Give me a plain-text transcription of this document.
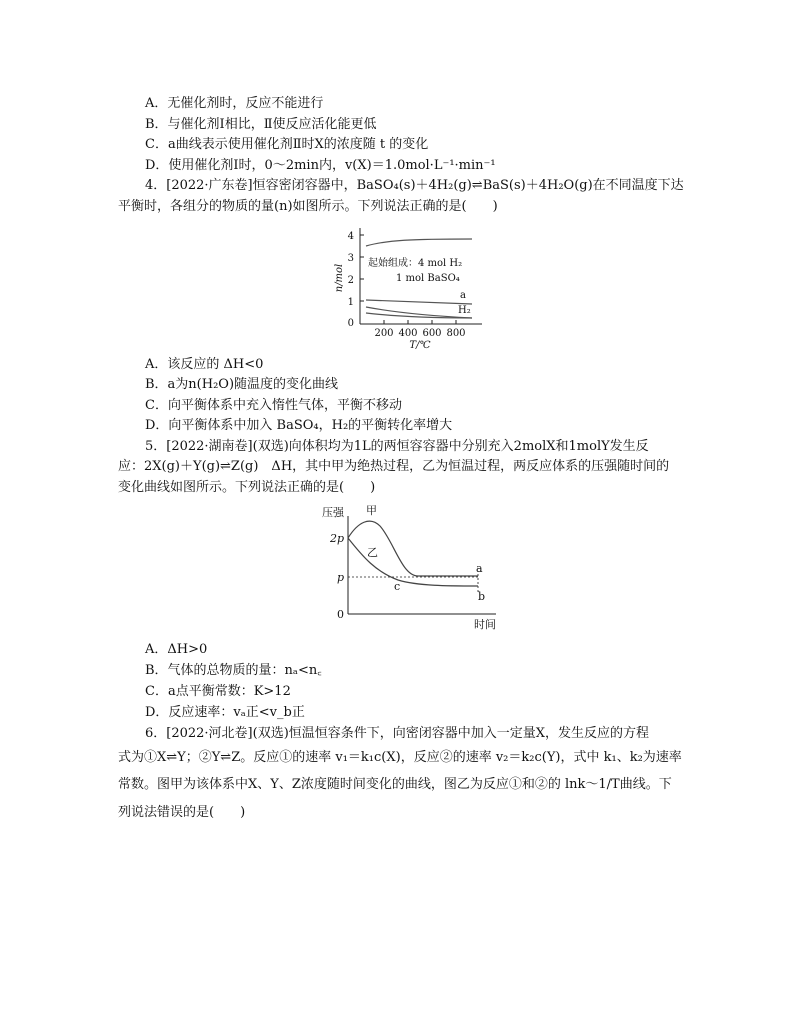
A．无催化剂时，反应不能进行
B．与催化剂Ⅰ相比，Ⅱ使反应活化能更低
C．a曲线表示使用催化剂Ⅱ时X的浓度随 t 的变化
D．使用催化剂Ⅰ时，0～2min内，v(X)＝1.0mol·L⁻¹·min⁻¹
4．[2022·广东卷]恒容密闭容器中，BaSO₄(s)＋4H₂(g)⇌BaS(s)＋4H₂O(g)在不同温度下达
平衡时，各组分的物质的量(n)如图所示。下列说法正确的是(　　)
4
3
2
1
0
200 400 600 800
T/℃
n/mol
起始组成：4 mol H₂
1 mol BaSO₄
a
H₂
A．该反应的 ΔH<0
B．a为n(H₂O)随温度的变化曲线
C．向平衡体系中充入惰性气体，平衡不移动
D．向平衡体系中加入 BaSO₄，H₂的平衡转化率增大
5．[2022·湖南卷](双选)向体积均为1L的两恒容容器中分别充入2molX和1molY发生反
应：2X(g)＋Y(g)⇌Z(g)　ΔH，其中甲为绝热过程，乙为恒温过程，两反应体系的压强随时间的
变化曲线如图所示。下列说法正确的是(　　)
压强 甲
乙
2p
p
0
a
b
c
时间
A．ΔH>0
B．气体的总物质的量：nₐ<n꜀
C．a点平衡常数：K>12
D．反应速率：vₐ正<v_b正
6．[2022·河北卷](双选)恒温恒容条件下，向密闭容器中加入一定量X，发生反应的方程
式为①X⇌Y；②Y⇌Z。反应①的速率 v₁＝k₁c(X)，反应②的速率 v₂＝k₂c(Y)，式中 k₁、k₂为速率
常数。图甲为该体系中X、Y、Z浓度随时间变化的曲线，图乙为反应①和②的 lnk～1/T曲线。下
列说法错误的是(　　)
